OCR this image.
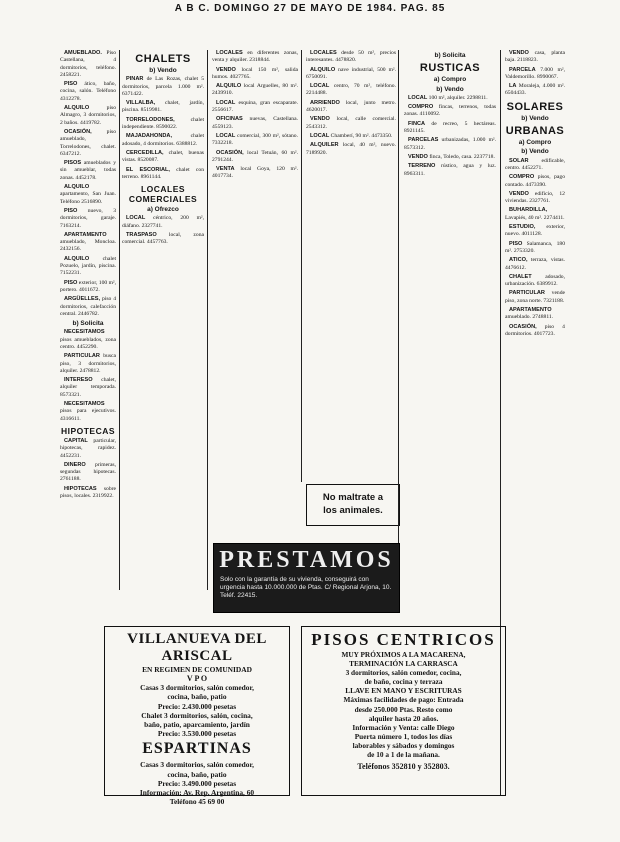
A B C. DOMINGO 27 DE MAYO DE 1984. PAG. 85

AMUEBLADO. Piso Castellana, 4 dormitorios, teléfono. 2458221.

PISO ático, baño, cocina, salón. Teléfono 4312278.

ALQUILO	piso Almagro, 3 dormitorios, 2 baños. 4419782.

OCASIÓN,	piso amueblado, Torrelodones, chalet. 6347212.

PISOS amueblados y sin amueblar, todas zonas. 4452178.

ALQUILO apartamento, San Juan. Teléfono 2516890.

PISO nuevo, 3 dormitorios, garaje. 7163214.

APARTAMENTO amueblado, Moncloa. 2432156.

ALQUILO chalet Pozuelo, jardín, piscina. 7152231.

PISO exterior, 100 m², portero. 4011672.

ARGÜELLES, piso 4 dormitorios, calefacción central. 2446782.

b) Solicita

NECESITAMOS pisos amueblados, zona centro. 4452290.

PARTICULAR busca piso, 3 dormitorios, alquiler. 2478812.

INTERESO chalet, alquiler temporada. 8573321.

NECESITAMOS pisos para ejecutivos. 4316611.

HIPOTECAS

CAPITAL particular, hipotecas, rapidez. 4452231.

DINERO primeras, segundas hipotecas. 2761188.

HIPOTECAS sobre pisos, locales. 2319922.

CHALETS
b) Vendo

PINAR de Las Rozas, chalet 5 dormitorios, parcela 1.000 m². 6371422.

VILLALBA, chalet, jardín, piscina. 8519981.

TORRELODONES,	chalet independiente. 8590022.

MAJADAHONDA,	chalet adosado, 4 dormitorios. 6388812.

CERCEDILLA, chalet, buenas vistas. 8520087.

EL ESCORIAL, chalet con terreno. 8961144.

LOCALES COMERCIALES
a) Ofrezco

LOCAL céntrico, 200 m², diáfano. 2327741.

TRASPASO local, zona comercial. 4457763.

LOCALES en diferentes zonas, venta y alquiler. 2318844.

VENDO local 150 m², salida humos. 4027765.

ALQUILO local Arguelles, 80 m². 2439910.

LOCAL esquina, gran escaparate. 2556617.

OFICINAS nuevas, Castellana. 4559123.

LOCAL comercial, 300 m², sótano. 7332218.

OCASIÓN, local Tetuán, 60 m². 2791244.

VENTA local Goya, 120 m². 4017734.

LOCALES desde 50 m², precios interesantes. 4478820.

ALQUILO nave industrial, 500 m². 6750091.

LOCAL centro, 70 m², teléfono. 2214488.

ARRIENDO local, junto metro. 4620017.

VENDO local, calle comercial. 2543312.

LOCAL Chamberí, 90 m². 4473350.

ALQUILER local, 40 m², nuevo. 7189920.

No maltrate a
los animales.
b) Solicita
RUSTICAS
a) Compro
b) Vendo

LOCAL 100 m², alquiler. 2298811.

COMPRO fincas, terrenos, todas zonas. 4110092.

FINCA de recreo, 5 hectáreas. 8921145.

PARCELAS urbanizadas, 1.000 m². 8573312.

VENDO finca, Toledo, casa. 2237718.

TERRENO rústico, agua y luz. 8963311.

VENDO casa, planta baja. 2118823.

PARCELA 7.000 m², Valdemorillo. 8990067.

LA Moraleja, 4.000 m². 6504433.

SOLARES
b) Vendo
URBANAS
a) Compro
b) Vendo

SOLAR edificable, centro. 4452271.

COMPRO pisos, pago contado. 4473390.

VENDO edificio, 12 viviendas. 2327761.

BUHARDILLA, Lavapiés, 40 m². 2274411.

ESTUDIO, exterior, nuevo. 4011128.

PISO Salamanca, 180 m². 2753320.

ATICO, terraza, vistas. 4476612.

CHALET adosado, urbanización. 6389912.

PARTICULAR vende piso, zona norte. 7321188.

APARTAMENTO amueblado. 2748811.

OCASIÓN, piso 4 dormitorios. 4017723.

PRESTAMOS
Solo con la garantía de su vivienda, conseguirá con urgencia hasta 10.000.000 de Ptas. C/ Regional Arjona, 10. Teléf. 22415.
VILLANUEVA DEL ARISCAL
EN REGIMEN DE COMUNIDAD
V P O
Casas 3 dormitorios, salón comedor,
cocina, baño, patio
Precio: 2.430.000 pesetas
Chalet 3 dormitorios, salón, cocina,
baño, patio, aparcamiento, jardín
Precio: 3.530.000 pesetas
ESPARTINAS
Casas 3 dormitorios, salón comedor,
cocina, baño, patio
Precio: 3.490.000 pesetas
Información: Av. Rep. Argentina, 60
Teléfono 45 69 00
PISOS CENTRICOS
MUY PRÓXIMOS A LA MACARENA,
TERMINACIÓN LA CARRASCA
3 dormitorios, salón comedor, cocina,
de baño, cocina y terraza
LLAVE EN MANO Y ESCRITURAS
Máximas facilidades de pago: Entrada
desde 250.000 Ptas. Resto como
alquiler hasta 20 años.
Información y Venta: calle Diego
Puerta número 1, todos los días
laborables y sábados y domingos
de 10 a 1 de la mañana.
Teléfonos 352810 y 352803.
